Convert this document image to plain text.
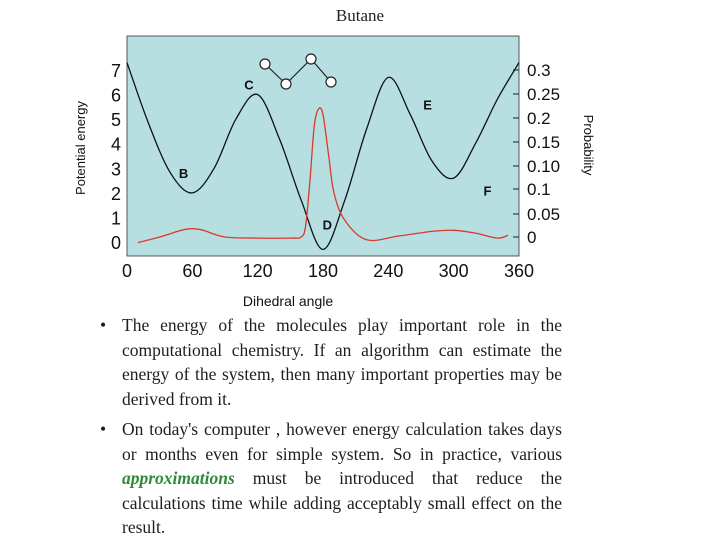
Butane
0
1
2
3
4
5
6
7
0
0.05
0.1
0.10
0.15
0.2
0.25
0.3
0	60 120 180 240 300 360
B
C
D
E
F
Dihedral angle
Potential energy	Probability
• The energy of the molecules play important role in the computational chemistry. If an algorithm can estimate the energy of the system, then many important properties may be derived from it.
• On today's computer , however energy calculation takes days or months even for simple system. So in practice, various approximations must be introduced that reduce the calculations time while adding acceptably small effect on the result.
